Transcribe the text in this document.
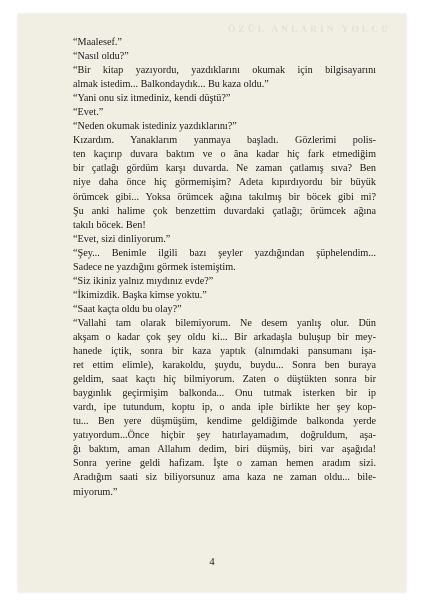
ÖZÜL ANLARIN YOLCU

“Maalesef.”

“Nasıl oldu?”

“Bir kitap yazıyordu, yazdıklarını okumak için bilgisayarını
almak istedim... Balkondaydık... Bu kaza oldu.”

“Yani onu siz itmediniz, kendi düştü?”

“Evet.”

“Neden okumak istediniz yazdıklarını?”

Kızardım. Yanaklarım yanmaya başladı. Gözlerimi polis-
ten kaçırıp duvara baktım ve o âna kadar hiç fark etmediğim
bir çatlağı gördüm karşı duvarda. Ne zaman çatlamış sıva? Ben
niye daha önce hiç görmemişim? Adeta kıpırdıyordu bir büyük
örümcek gibi... Yoksa örümcek ağına takılmış bir böcek gibi mi?
Şu anki halime çok benzettim duvardaki çatlağı; örümcek ağına
takılı böcek. Ben!

“Evet, sizi dinliyorum.”

“Şey... Benimle ilgili bazı şeyler yazdığından şüphelendim...
Sadece ne yazdığını görmek istemiştim.

“Siz ikiniz yalnız mıydınız evde?”

“İkimizdik. Başka kimse yoktu.”

“Saat kaçta oldu bu olay?”

“Vallahi tam olarak bilemiyorum. Ne desem yanlış olur. Dün
akşam o kadar çok şey oldu ki... Bir arkadaşla buluşup bir mey-
hanede içtik, sonra bir kaza yaptık (alnımdaki pansumanı işa-
ret ettim elimle), karakoldu, şuydu, buydu... Sonra ben buraya
geldim, saat kaçtı hiç bilmiyorum. Zaten o düştükten sonra bir
baygınlık geçirmişim balkonda... Onu tutmak isterken bir ip
vardı, ipe tutundum, koptu ip, o anda iple birlikte her şey kop-
tu... Ben yere düşmüşüm, kendime geldiğimde balkonda yerde
yatıyordum...Önce hiçbir şey hatırlayamadım, doğruldum, aşa-
ğı baktım, aman Allahım dedim, biri düşmüş, biri var aşağıda!
Sonra yerine geldi hafizam. İşte o zaman hemen aradım sizi.
Aradığım saati siz biliyorsunuz ama kaza ne zaman oldu... bile-
miyorum.”

4
